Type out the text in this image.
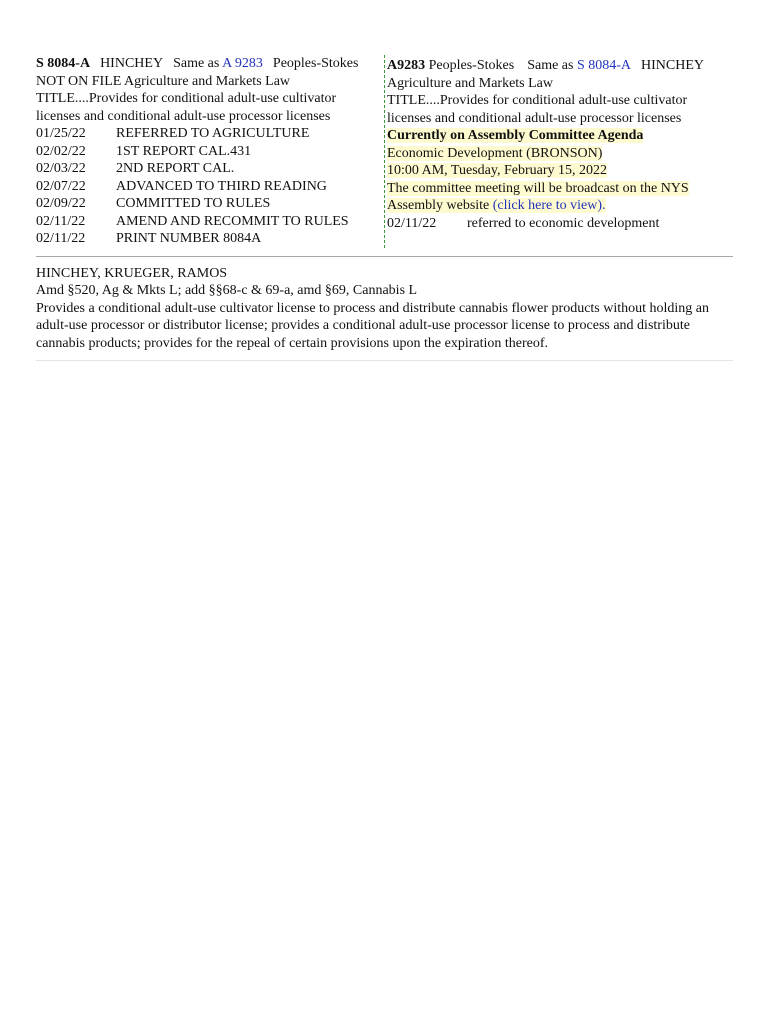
S 8084-A HINCHEY Same as A 9283 Peoples-Stokes
NOT ON FILE Agriculture and Markets Law
TITLE....Provides for conditional adult-use cultivator
licenses and conditional adult-use processor licenses
01/25/22	REFERRED TO AGRICULTURE
02/02/22	1ST REPORT CAL.431
02/03/22	2ND REPORT CAL.
02/07/22	ADVANCED TO THIRD READING
02/09/22	COMMITTED TO RULES
02/11/22	AMEND AND RECOMMIT TO RULES
02/11/22	PRINT NUMBER 8084A
A9283 Peoples-Stokes Same as S 8084-A HINCHEY
Agriculture and Markets Law
TITLE....Provides for conditional adult-use cultivator
licenses and conditional adult-use processor licenses
Currently on Assembly Committee Agenda
Economic Development (BRONSON)
10:00 AM, Tuesday, February 15, 2022
The committee meeting will be broadcast on the NYS
Assembly website (click here to view).
02/11/22	referred to economic development
HINCHEY, KRUEGER, RAMOS
Amd §520, Ag & Mkts L; add §§68-c & 69-a, amd §69, Cannabis L
Provides a conditional adult-use cultivator license to process and distribute cannabis flower products without holding an adult-use processor or distributor license; provides a conditional adult-use processor license to process and distribute cannabis products; provides for the repeal of certain provisions upon the expiration thereof.
